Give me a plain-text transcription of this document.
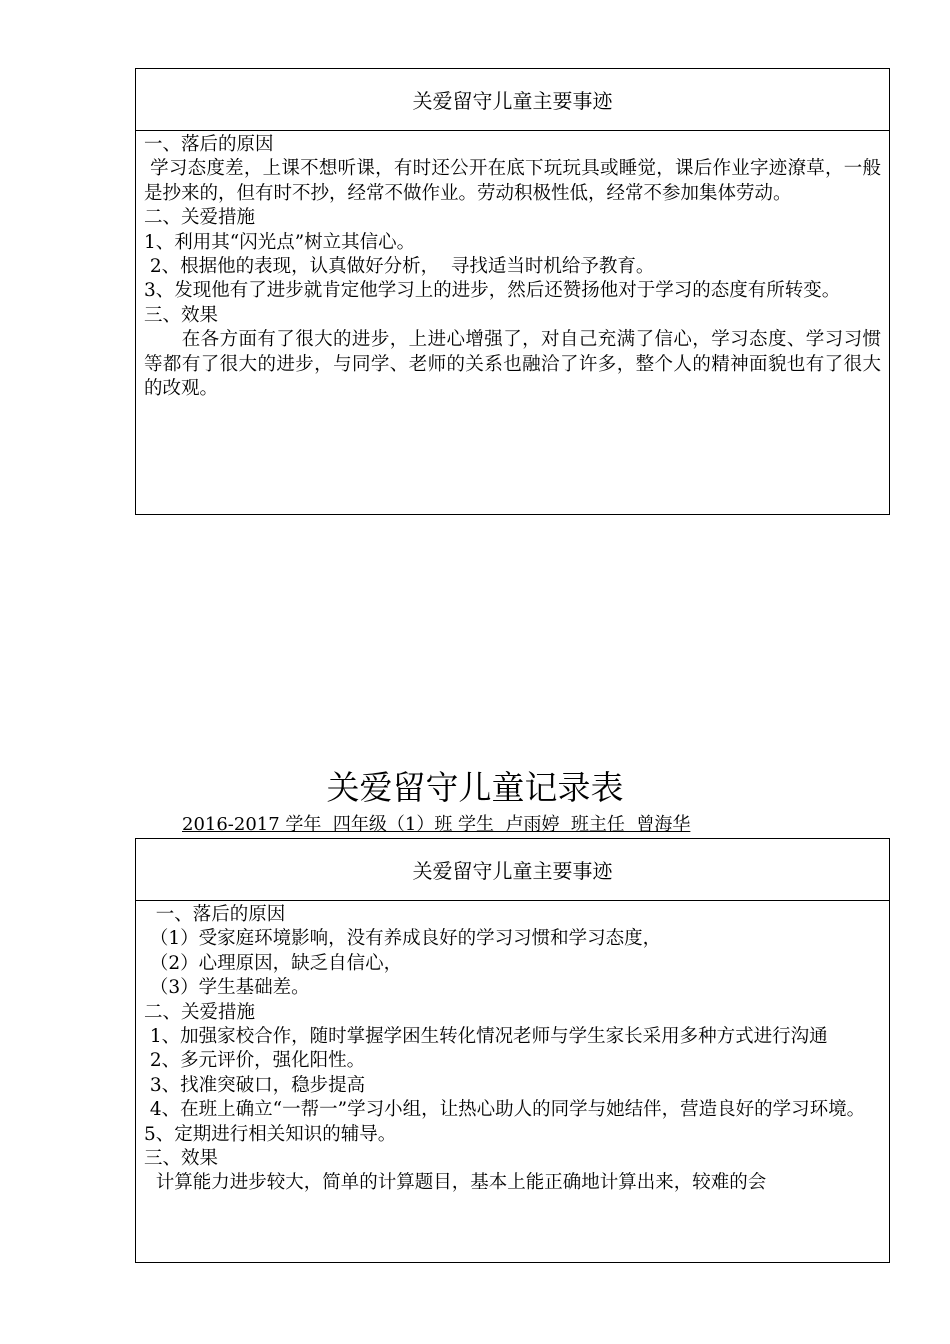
关爱留守儿童主要事迹

一、落后的原因

学习态度差，上课不想听课，有时还公开在底下玩玩具或睡觉，课后作业字迹潦草，一般是抄来的，但有时不抄，经常不做作业。劳动积极性低，经常不参加集体劳动。

二、关爱措施

1、利用其“闪光点”树立其信心。

2、根据他的表现，认真做好分析，  寻找适当时机给予教育。

3、发现他有了进步就肯定他学习上的进步，然后还赞扬他对于学习的态度有所转变。

三、效果

在各方面有了很大的进步，上进心增强了，对自己充满了信心，学习态度、学习习惯等都有了很大的进步，与同学、老师的关系也融洽了许多，整个人的精神面貌也有了很大的改观。

关爱留守儿童记录表
2016-2017 学年  四年级（1）班 学生  卢雨婷  班主任  曾海华
关爱留守儿童主要事迹

一、落后的原因

（1）受家庭环境影响，没有养成良好的学习习惯和学习态度，

（2）心理原因，缺乏自信心，

（3）学生基础差。

二、关爱措施

1、加强家校合作，随时掌握学困生转化情况老师与学生家长采用多种方式进行沟通

2、多元评价，强化阳性。

3、找准突破口，稳步提高

4、在班上确立“一帮一”学习小组，让热心助人的同学与她结伴，营造良好的学习环境。

5、定期进行相关知识的辅导。

三、效果

计算能力进步较大，简单的计算题目，基本上能正确地计算出来，较难的会
